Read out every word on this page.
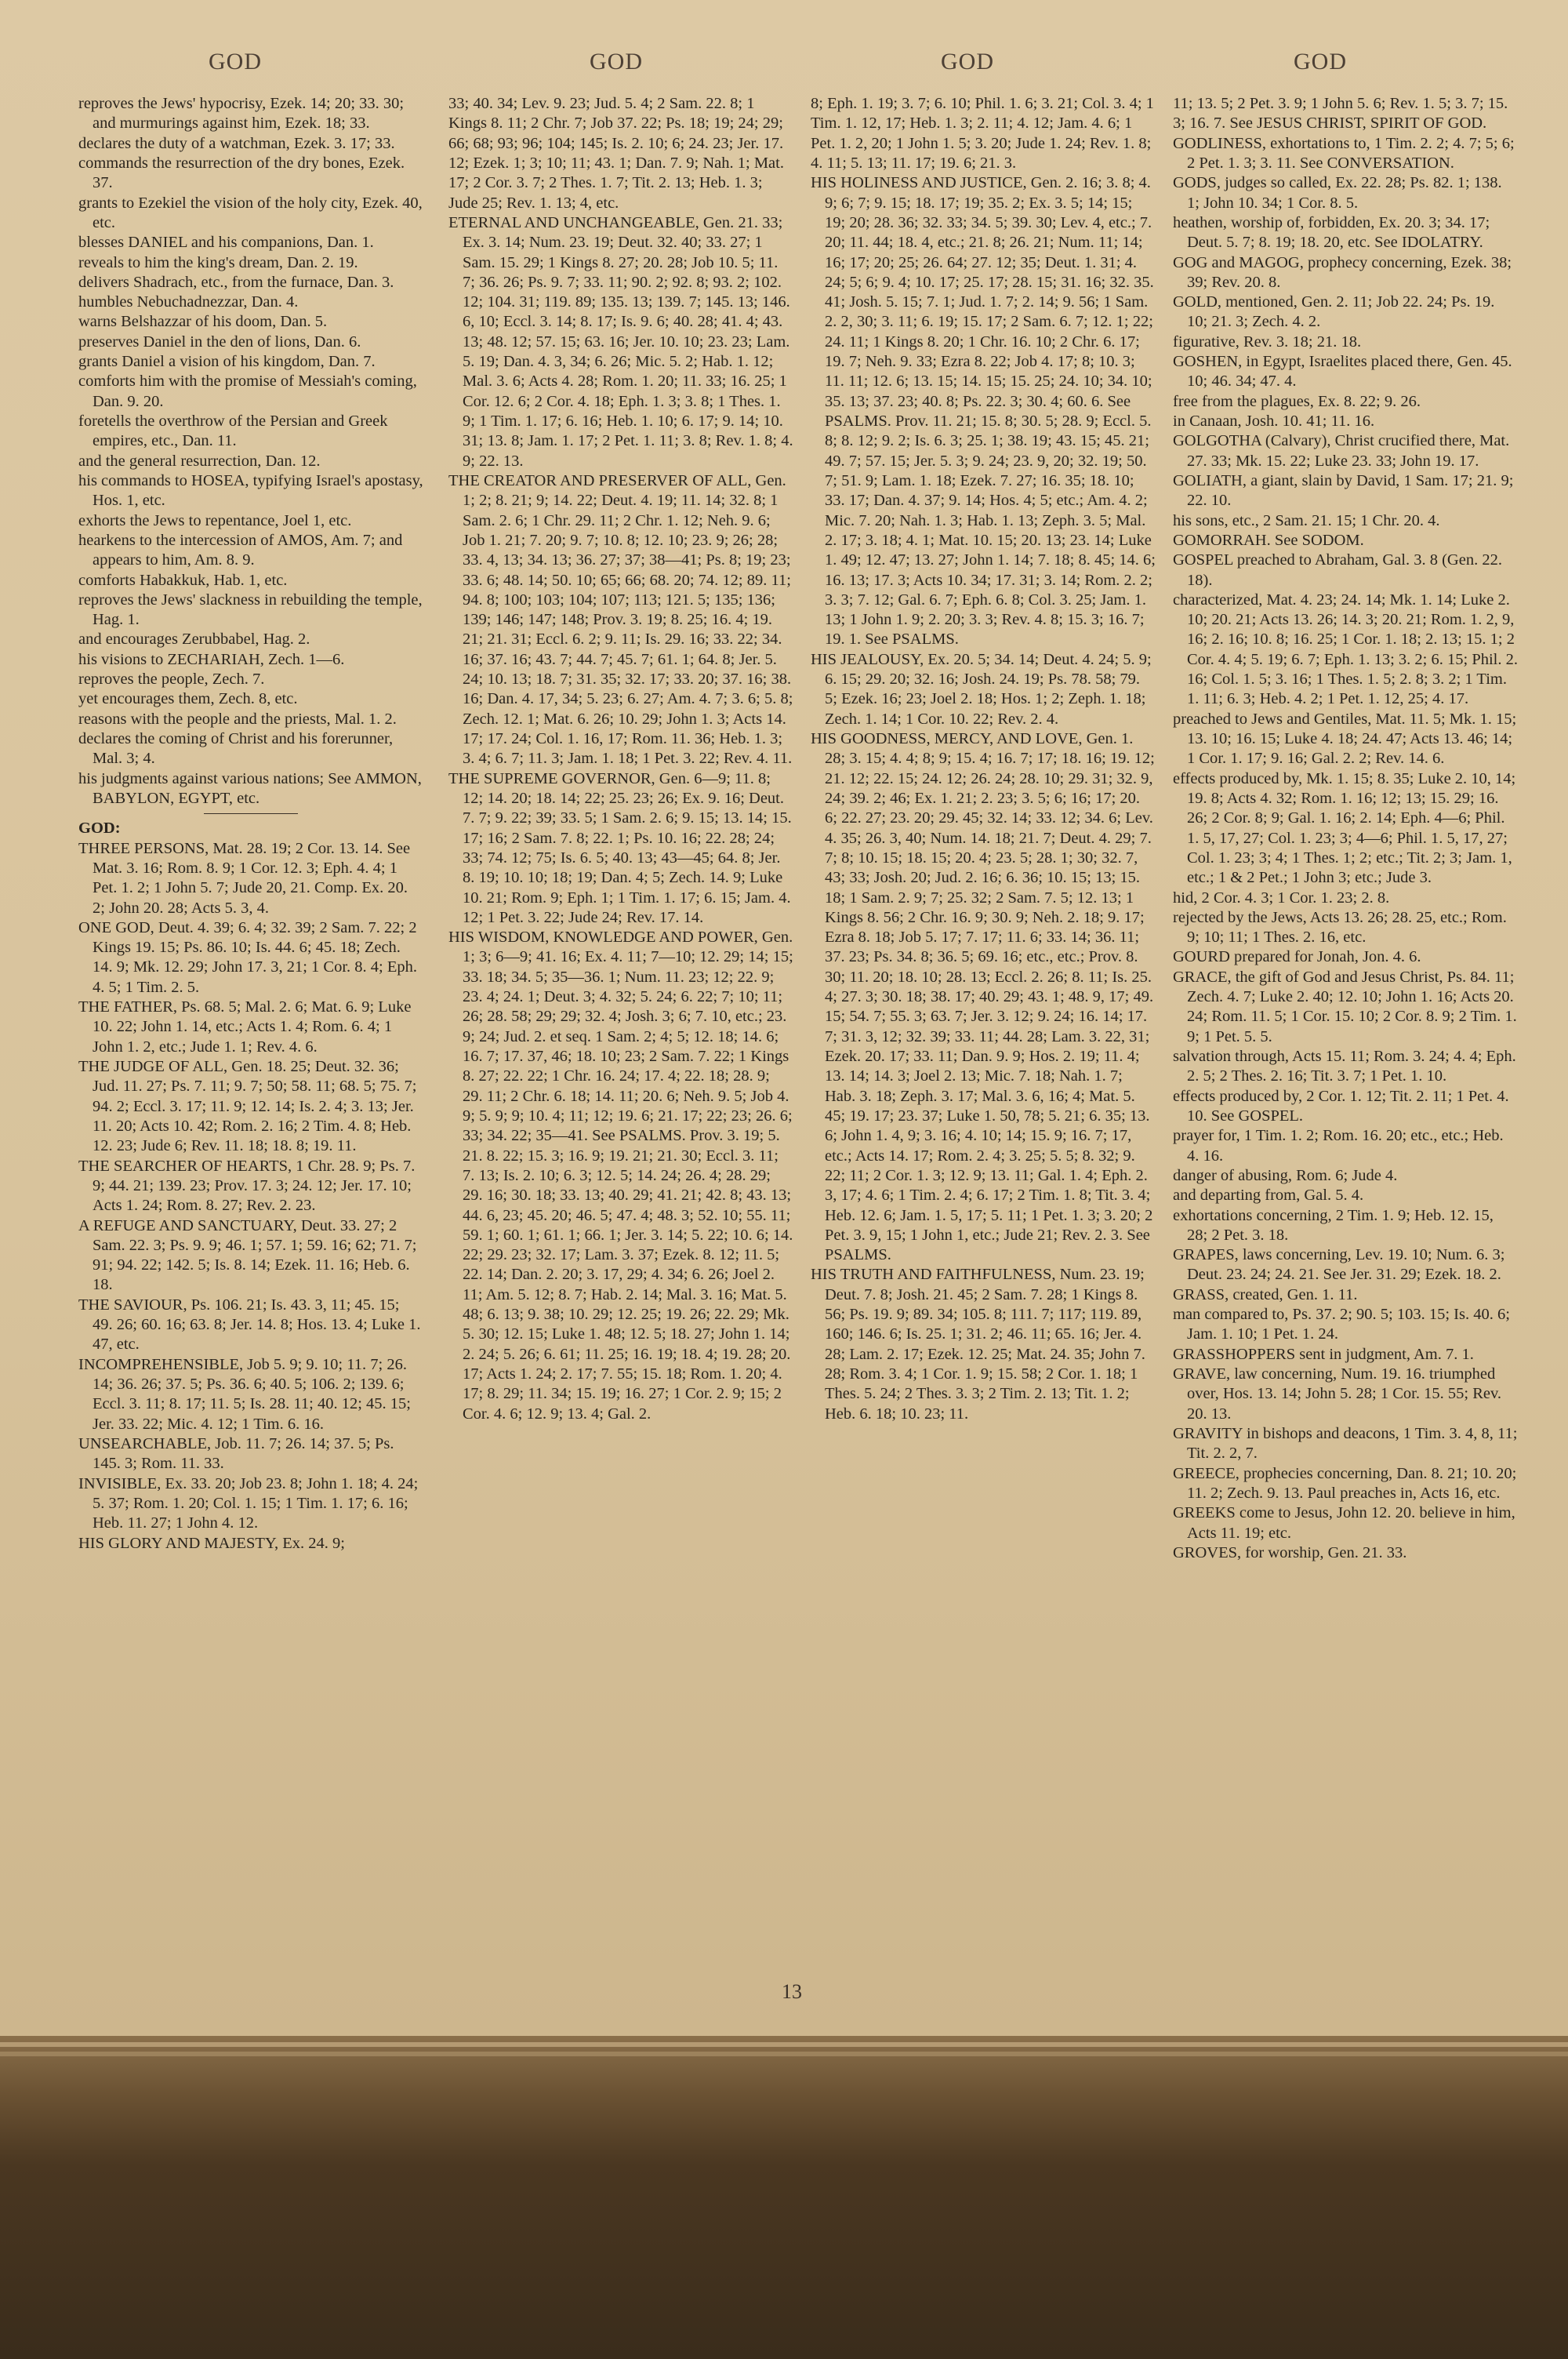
GOD	GOD	GOD	GOD

reproves the Jews' hypocrisy, Ezek. 14; 20; 33. 30; and murmurings against him, Ezek. 18; 33.

declares the duty of a watchman, Ezek. 3. 17; 33.

commands the resurrection of the dry bones, Ezek. 37.

grants to Ezekiel the vision of the holy city, Ezek. 40, etc.

blesses DANIEL and his companions, Dan. 1.

reveals to him the king's dream, Dan. 2. 19.

delivers Shadrach, etc., from the furnace, Dan. 3.

humbles Nebuchadnezzar, Dan. 4.

warns Belshazzar of his doom, Dan. 5.

preserves Daniel in the den of lions, Dan. 6.

grants Daniel a vision of his kingdom, Dan. 7.

comforts him with the promise of Messiah's coming, Dan. 9. 20.

foretells the overthrow of the Persian and Greek empires, etc., Dan. 11.

and the general resurrection, Dan. 12.

his commands to HOSEA, typifying Israel's apostasy, Hos. 1, etc.

exhorts the Jews to repentance, Joel 1, etc.

hearkens to the intercession of AMOS, Am. 7; and appears to him, Am. 8. 9.

comforts Habakkuk, Hab. 1, etc.

reproves the Jews' slackness in rebuilding the temple, Hag. 1.

and encourages Zerubbabel, Hag. 2.

his visions to ZECHARIAH, Zech. 1—6.

reproves the people, Zech. 7.

yet encourages them, Zech. 8, etc.

reasons with the people and the priests, Mal. 1. 2.

declares the coming of Christ and his forerunner, Mal. 3; 4.

his judgments against various nations; See AMMON, BABYLON, EGYPT, etc.

GOD:

THREE PERSONS, Mat. 28. 19; 2 Cor. 13. 14. See Mat. 3. 16; Rom. 8. 9; 1 Cor. 12. 3; Eph. 4. 4; 1 Pet. 1. 2; 1 John 5. 7; Jude 20, 21. Comp. Ex. 20. 2; John 20. 28; Acts 5. 3, 4.

ONE GOD, Deut. 4. 39; 6. 4; 32. 39; 2 Sam. 7. 22; 2 Kings 19. 15; Ps. 86. 10; Is. 44. 6; 45. 18; Zech. 14. 9; Mk. 12. 29; John 17. 3, 21; 1 Cor. 8. 4; Eph. 4. 5; 1 Tim. 2. 5.

THE FATHER, Ps. 68. 5; Mal. 2. 6; Mat. 6. 9; Luke 10. 22; John 1. 14, etc.; Acts 1. 4; Rom. 6. 4; 1 John 1. 2, etc.; Jude 1. 1; Rev. 4. 6.

THE JUDGE OF ALL, Gen. 18. 25; Deut. 32. 36; Jud. 11. 27; Ps. 7. 11; 9. 7; 50; 58. 11; 68. 5; 75. 7; 94. 2; Eccl. 3. 17; 11. 9; 12. 14; Is. 2. 4; 3. 13; Jer. 11. 20; Acts 10. 42; Rom. 2. 16; 2 Tim. 4. 8; Heb. 12. 23; Jude 6; Rev. 11. 18; 18. 8; 19. 11.

THE SEARCHER OF HEARTS, 1 Chr. 28. 9; Ps. 7. 9; 44. 21; 139. 23; Prov. 17. 3; 24. 12; Jer. 17. 10; Acts 1. 24; Rom. 8. 27; Rev. 2. 23.

A REFUGE AND SANCTUARY, Deut. 33. 27; 2 Sam. 22. 3; Ps. 9. 9; 46. 1; 57. 1; 59. 16; 62; 71. 7; 91; 94. 22; 142. 5; Is. 8. 14; Ezek. 11. 16; Heb. 6. 18.

THE SAVIOUR, Ps. 106. 21; Is. 43. 3, 11; 45. 15; 49. 26; 60. 16; 63. 8; Jer. 14. 8; Hos. 13. 4; Luke 1. 47, etc.

INCOMPREHENSIBLE, Job 5. 9; 9. 10; 11. 7; 26. 14; 36. 26; 37. 5; Ps. 36. 6; 40. 5; 106. 2; 139. 6; Eccl. 3. 11; 8. 17; 11. 5; Is. 28. 11; 40. 12; 45. 15; Jer. 33. 22; Mic. 4. 12; 1 Tim. 6. 16.

UNSEARCHABLE, Job. 11. 7; 26. 14; 37. 5; Ps. 145. 3; Rom. 11. 33.

INVISIBLE, Ex. 33. 20; Job 23. 8; John 1. 18; 4. 24; 5. 37; Rom. 1. 20; Col. 1. 15; 1 Tim. 1. 17; 6. 16; Heb. 11. 27; 1 John 4. 12.

HIS GLORY AND MAJESTY, Ex. 24. 9;

33; 40. 34; Lev. 9. 23; Jud. 5. 4; 2 Sam. 22. 8; 1 Kings 8. 11; 2 Chr. 7; Job 37. 22; Ps. 18; 19; 24; 29; 66; 68; 93; 96; 104; 145; Is. 2. 10; 6; 24. 23; Jer. 17. 12; Ezek. 1; 3; 10; 11; 43. 1; Dan. 7. 9; Nah. 1; Mat. 17; 2 Cor. 3. 7; 2 Thes. 1. 7; Tit. 2. 13; Heb. 1. 3; Jude 25; Rev. 1. 13; 4, etc.

ETERNAL AND UNCHANGEABLE, Gen. 21. 33; Ex. 3. 14; Num. 23. 19; Deut. 32. 40; 33. 27; 1 Sam. 15. 29; 1 Kings 8. 27; 20. 28; Job 10. 5; 11. 7; 36. 26; Ps. 9. 7; 33. 11; 90. 2; 92. 8; 93. 2; 102. 12; 104. 31; 119. 89; 135. 13; 139. 7; 145. 13; 146. 6, 10; Eccl. 3. 14; 8. 17; Is. 9. 6; 40. 28; 41. 4; 43. 13; 48. 12; 57. 15; 63. 16; Jer. 10. 10; 23. 23; Lam. 5. 19; Dan. 4. 3, 34; 6. 26; Mic. 5. 2; Hab. 1. 12; Mal. 3. 6; Acts 4. 28; Rom. 1. 20; 11. 33; 16. 25; 1 Cor. 12. 6; 2 Cor. 4. 18; Eph. 1. 3; 3. 8; 1 Thes. 1. 9; 1 Tim. 1. 17; 6. 16; Heb. 1. 10; 6. 17; 9. 14; 10. 31; 13. 8; Jam. 1. 17; 2 Pet. 1. 11; 3. 8; Rev. 1. 8; 4. 9; 22. 13.

THE CREATOR AND PRESERVER OF ALL, Gen. 1; 2; 8. 21; 9; 14. 22; Deut. 4. 19; 11. 14; 32. 8; 1 Sam. 2. 6; 1 Chr. 29. 11; 2 Chr. 1. 12; Neh. 9. 6; Job 1. 21; 7. 20; 9. 7; 10. 8; 12. 10; 23. 9; 26; 28; 33. 4, 13; 34. 13; 36. 27; 37; 38—41; Ps. 8; 19; 23; 33. 6; 48. 14; 50. 10; 65; 66; 68. 20; 74. 12; 89. 11; 94. 8; 100; 103; 104; 107; 113; 121. 5; 135; 136; 139; 146; 147; 148; Prov. 3. 19; 8. 25; 16. 4; 19. 21; 21. 31; Eccl. 6. 2; 9. 11; Is. 29. 16; 33. 22; 34. 16; 37. 16; 43. 7; 44. 7; 45. 7; 61. 1; 64. 8; Jer. 5. 24; 10. 13; 18. 7; 31. 35; 32. 17; 33. 20; 37. 16; 38. 16; Dan. 4. 17, 34; 5. 23; 6. 27; Am. 4. 7; 3. 6; 5. 8; Zech. 12. 1; Mat. 6. 26; 10. 29; John 1. 3; Acts 14. 17; 17. 24; Col. 1. 16, 17; Rom. 11. 36; Heb. 1. 3; 3. 4; 6. 7; 11. 3; Jam. 1. 18; 1 Pet. 3. 22; Rev. 4. 11.

THE SUPREME GOVERNOR, Gen. 6—9; 11. 8; 12; 14. 20; 18. 14; 22; 25. 23; 26; Ex. 9. 16; Deut. 7. 7; 9. 22; 39; 33. 5; 1 Sam. 2. 6; 9. 15; 13. 14; 15. 17; 16; 2 Sam. 7. 8; 22. 1; Ps. 10. 16; 22. 28; 24; 33; 74. 12; 75; Is. 6. 5; 40. 13; 43—45; 64. 8; Jer. 8. 19; 10. 10; 18; 19; Dan. 4; 5; Zech. 14. 9; Luke 10. 21; Rom. 9; Eph. 1; 1 Tim. 1. 17; 6. 15; Jam. 4. 12; 1 Pet. 3. 22; Jude 24; Rev. 17. 14.

HIS WISDOM, KNOWLEDGE AND POWER, Gen. 1; 3; 6—9; 41. 16; Ex. 4. 11; 7—10; 12. 29; 14; 15; 33. 18; 34. 5; 35—36. 1; Num. 11. 23; 12; 22. 9; 23. 4; 24. 1; Deut. 3; 4. 32; 5. 24; 6. 22; 7; 10; 11; 26; 28. 58; 29; 29; 32. 4; Josh. 3; 6; 7. 10, etc.; 23. 9; 24; Jud. 2. et seq. 1 Sam. 2; 4; 5; 12. 18; 14. 6; 16. 7; 17. 37, 46; 18. 10; 23; 2 Sam. 7. 22; 1 Kings 8. 27; 22. 22; 1 Chr. 16. 24; 17. 4; 22. 18; 28. 9; 29. 11; 2 Chr. 6. 18; 14. 11; 20. 6; Neh. 9. 5; Job 4. 9; 5. 9; 9; 10. 4; 11; 12; 19. 6; 21. 17; 22; 23; 26. 6; 33; 34. 22; 35—41. See PSALMS. Prov. 3. 19; 5. 21. 8. 22; 15. 3; 16. 9; 19. 21; 21. 30; Eccl. 3. 11; 7. 13; Is. 2. 10; 6. 3; 12. 5; 14. 24; 26. 4; 28. 29; 29. 16; 30. 18; 33. 13; 40. 29; 41. 21; 42. 8; 43. 13; 44. 6, 23; 45. 20; 46. 5; 47. 4; 48. 3; 52. 10; 55. 11; 59. 1; 60. 1; 61. 1; 66. 1; Jer. 3. 14; 5. 22; 10. 6; 14. 22; 29. 23; 32. 17; Lam. 3. 37; Ezek. 8. 12; 11. 5; 22. 14; Dan. 2. 20; 3. 17, 29; 4. 34; 6. 26; Joel 2. 11; Am. 5. 12; 8. 7; Hab. 2. 14; Mal. 3. 16; Mat. 5. 48; 6. 13; 9. 38; 10. 29; 12. 25; 19. 26; 22. 29; Mk. 5. 30; 12. 15; Luke 1. 48; 12. 5; 18. 27; John 1. 14; 2. 24; 5. 26; 6. 61; 11. 25; 16. 19; 18. 4; 19. 28; 20. 17; Acts 1. 24; 2. 17; 7. 55; 15. 18; Rom. 1. 20; 4. 17; 8. 29; 11. 34; 15. 19; 16. 27; 1 Cor. 2. 9; 15; 2 Cor. 4. 6; 12. 9; 13. 4; Gal. 2.

8; Eph. 1. 19; 3. 7; 6. 10; Phil. 1. 6; 3. 21; Col. 3. 4; 1 Tim. 1. 12, 17; Heb. 1. 3; 2. 11; 4. 12; Jam. 4. 6; 1 Pet. 1. 2, 20; 1 John 1. 5; 3. 20; Jude 1. 24; Rev. 1. 8; 4. 11; 5. 13; 11. 17; 19. 6; 21. 3.

HIS HOLINESS AND JUSTICE, Gen. 2. 16; 3. 8; 4. 9; 6; 7; 9. 15; 18. 17; 19; 35. 2; Ex. 3. 5; 14; 15; 19; 20; 28. 36; 32. 33; 34. 5; 39. 30; Lev. 4, etc.; 7. 20; 11. 44; 18. 4, etc.; 21. 8; 26. 21; Num. 11; 14; 16; 17; 20; 25; 26. 64; 27. 12; 35; Deut. 1. 31; 4. 24; 5; 6; 9. 4; 10. 17; 25. 17; 28. 15; 31. 16; 32. 35. 41; Josh. 5. 15; 7. 1; Jud. 1. 7; 2. 14; 9. 56; 1 Sam. 2. 2, 30; 3. 11; 6. 19; 15. 17; 2 Sam. 6. 7; 12. 1; 22; 24. 11; 1 Kings 8. 20; 1 Chr. 16. 10; 2 Chr. 6. 17; 19. 7; Neh. 9. 33; Ezra 8. 22; Job 4. 17; 8; 10. 3; 11. 11; 12. 6; 13. 15; 14. 15; 15. 25; 24. 10; 34. 10; 35. 13; 37. 23; 40. 8; Ps. 22. 3; 30. 4; 60. 6. See PSALMS. Prov. 11. 21; 15. 8; 30. 5; 28. 9; Eccl. 5. 8; 8. 12; 9. 2; Is. 6. 3; 25. 1; 38. 19; 43. 15; 45. 21; 49. 7; 57. 15; Jer. 5. 3; 9. 24; 23. 9, 20; 32. 19; 50. 7; 51. 9; Lam. 1. 18; Ezek. 7. 27; 16. 35; 18. 10; 33. 17; Dan. 4. 37; 9. 14; Hos. 4; 5; etc.; Am. 4. 2; Mic. 7. 20; Nah. 1. 3; Hab. 1. 13; Zeph. 3. 5; Mal. 2. 17; 3. 18; 4. 1; Mat. 10. 15; 20. 13; 23. 14; Luke 1. 49; 12. 47; 13. 27; John 1. 14; 7. 18; 8. 45; 14. 6; 16. 13; 17. 3; Acts 10. 34; 17. 31; 3. 14; Rom. 2. 2; 3. 3; 7. 12; Gal. 6. 7; Eph. 6. 8; Col. 3. 25; Jam. 1. 13; 1 John 1. 9; 2. 20; 3. 3; Rev. 4. 8; 15. 3; 16. 7; 19. 1. See PSALMS.

HIS JEALOUSY, Ex. 20. 5; 34. 14; Deut. 4. 24; 5. 9; 6. 15; 29. 20; 32. 16; Josh. 24. 19; Ps. 78. 58; 79. 5; Ezek. 16; 23; Joel 2. 18; Hos. 1; 2; Zeph. 1. 18; Zech. 1. 14; 1 Cor. 10. 22; Rev. 2. 4.

HIS GOODNESS, MERCY, AND LOVE, Gen. 1. 28; 3. 15; 4. 4; 8; 9; 15. 4; 16. 7; 17; 18. 16; 19. 12; 21. 12; 22. 15; 24. 12; 26. 24; 28. 10; 29. 31; 32. 9, 24; 39. 2; 46; Ex. 1. 21; 2. 23; 3. 5; 6; 16; 17; 20. 6; 22. 27; 23. 20; 29. 45; 32. 14; 33. 12; 34. 6; Lev. 4. 35; 26. 3, 40; Num. 14. 18; 21. 7; Deut. 4. 29; 7. 7; 8; 10. 15; 18. 15; 20. 4; 23. 5; 28. 1; 30; 32. 7, 43; 33; Josh. 20; Jud. 2. 16; 6. 36; 10. 15; 13; 15. 18; 1 Sam. 2. 9; 7; 25. 32; 2 Sam. 7. 5; 12. 13; 1 Kings 8. 56; 2 Chr. 16. 9; 30. 9; Neh. 2. 18; 9. 17; Ezra 8. 18; Job 5. 17; 7. 17; 11. 6; 33. 14; 36. 11; 37. 23; Ps. 34. 8; 36. 5; 69. 16; etc., etc.; Prov. 8. 30; 11. 20; 18. 10; 28. 13; Eccl. 2. 26; 8. 11; Is. 25. 4; 27. 3; 30. 18; 38. 17; 40. 29; 43. 1; 48. 9, 17; 49. 15; 54. 7; 55. 3; 63. 7; Jer. 3. 12; 9. 24; 16. 14; 17. 7; 31. 3, 12; 32. 39; 33. 11; 44. 28; Lam. 3. 22, 31; Ezek. 20. 17; 33. 11; Dan. 9. 9; Hos. 2. 19; 11. 4; 13. 14; 14. 3; Joel 2. 13; Mic. 7. 18; Nah. 1. 7; Hab. 3. 18; Zeph. 3. 17; Mal. 3. 6, 16; 4; Mat. 5. 45; 19. 17; 23. 37; Luke 1. 50, 78; 5. 21; 6. 35; 13. 6; John 1. 4, 9; 3. 16; 4. 10; 14; 15. 9; 16. 7; 17, etc.; Acts 14. 17; Rom. 2. 4; 3. 25; 5. 5; 8. 32; 9. 22; 11; 2 Cor. 1. 3; 12. 9; 13. 11; Gal. 1. 4; Eph. 2. 3, 17; 4. 6; 1 Tim. 2. 4; 6. 17; 2 Tim. 1. 8; Tit. 3. 4; Heb. 12. 6; Jam. 1. 5, 17; 5. 11; 1 Pet. 1. 3; 3. 20; 2 Pet. 3. 9, 15; 1 John 1, etc.; Jude 21; Rev. 2. 3. See PSALMS.

HIS TRUTH AND FAITHFULNESS, Num. 23. 19; Deut. 7. 8; Josh. 21. 45; 2 Sam. 7. 28; 1 Kings 8. 56; Ps. 19. 9; 89. 34; 105. 8; 111. 7; 117; 119. 89, 160; 146. 6; Is. 25. 1; 31. 2; 46. 11; 65. 16; Jer. 4. 28; Lam. 2. 17; Ezek. 12. 25; Mat. 24. 35; John 7. 28; Rom. 3. 4; 1 Cor. 1. 9; 15. 58; 2 Cor. 1. 18; 1 Thes. 5. 24; 2 Thes. 3. 3; 2 Tim. 2. 13; Tit. 1. 2; Heb. 6. 18; 10. 23; 11.

11; 13. 5; 2 Pet. 3. 9; 1 John 5. 6; Rev. 1. 5; 3. 7; 15. 3; 16. 7. See JESUS CHRIST, SPIRIT OF GOD.

GODLINESS, exhortations to, 1 Tim. 2. 2; 4. 7; 5; 6; 2 Pet. 1. 3; 3. 11. See CONVERSATION.

GODS, judges so called, Ex. 22. 28; Ps. 82. 1; 138. 1; John 10. 34; 1 Cor. 8. 5.

heathen, worship of, forbidden, Ex. 20. 3; 34. 17; Deut. 5. 7; 8. 19; 18. 20, etc. See IDOLATRY.

GOG and MAGOG, prophecy concerning, Ezek. 38; 39; Rev. 20. 8.

GOLD, mentioned, Gen. 2. 11; Job 22. 24; Ps. 19. 10; 21. 3; Zech. 4. 2.

figurative, Rev. 3. 18; 21. 18.

GOSHEN, in Egypt, Israelites placed there, Gen. 45. 10; 46. 34; 47. 4.

free from the plagues, Ex. 8. 22; 9. 26.

in Canaan, Josh. 10. 41; 11. 16.

GOLGOTHA (Calvary), Christ crucified there, Mat. 27. 33; Mk. 15. 22; Luke 23. 33; John 19. 17.

GOLIATH, a giant, slain by David, 1 Sam. 17; 21. 9; 22. 10.

his sons, etc., 2 Sam. 21. 15; 1 Chr. 20. 4.

GOMORRAH. See SODOM.

GOSPEL preached to Abraham, Gal. 3. 8 (Gen. 22. 18).

characterized, Mat. 4. 23; 24. 14; Mk. 1. 14; Luke 2. 10; 20. 21; Acts 13. 26; 14. 3; 20. 21; Rom. 1. 2, 9, 16; 2. 16; 10. 8; 16. 25; 1 Cor. 1. 18; 2. 13; 15. 1; 2 Cor. 4. 4; 5. 19; 6. 7; Eph. 1. 13; 3. 2; 6. 15; Phil. 2. 16; Col. 1. 5; 3. 16; 1 Thes. 1. 5; 2. 8; 3. 2; 1 Tim. 1. 11; 6. 3; Heb. 4. 2; 1 Pet. 1. 12, 25; 4. 17.

preached to Jews and Gentiles, Mat. 11. 5; Mk. 1. 15; 13. 10; 16. 15; Luke 4. 18; 24. 47; Acts 13. 46; 14; 1 Cor. 1. 17; 9. 16; Gal. 2. 2; Rev. 14. 6.

effects produced by, Mk. 1. 15; 8. 35; Luke 2. 10, 14; 19. 8; Acts 4. 32; Rom. 1. 16; 12; 13; 15. 29; 16. 26; 2 Cor. 8; 9; Gal. 1. 16; 2. 14; Eph. 4—6; Phil. 1. 5, 17, 27; Col. 1. 23; 3; 4—6; Phil. 1. 5, 17, 27; Col. 1. 23; 3; 4; 1 Thes. 1; 2; etc.; Tit. 2; 3; Jam. 1, etc.; 1 & 2 Pet.; 1 John 3; etc.; Jude 3.

hid, 2 Cor. 4. 3; 1 Cor. 1. 23; 2. 8.

rejected by the Jews, Acts 13. 26; 28. 25, etc.; Rom. 9; 10; 11; 1 Thes. 2. 16, etc.

GOURD prepared for Jonah, Jon. 4. 6.

GRACE, the gift of God and Jesus Christ, Ps. 84. 11; Zech. 4. 7; Luke 2. 40; 12. 10; John 1. 16; Acts 20. 24; Rom. 11. 5; 1 Cor. 15. 10; 2 Cor. 8. 9; 2 Tim. 1. 9; 1 Pet. 5. 5.

salvation through, Acts 15. 11; Rom. 3. 24; 4. 4; Eph. 2. 5; 2 Thes. 2. 16; Tit. 3. 7; 1 Pet. 1. 10.

effects produced by, 2 Cor. 1. 12; Tit. 2. 11; 1 Pet. 4. 10. See GOSPEL.

prayer for, 1 Tim. 1. 2; Rom. 16. 20; etc., etc.; Heb. 4. 16.

danger of abusing, Rom. 6; Jude 4.

and departing from, Gal. 5. 4.

exhortations concerning, 2 Tim. 1. 9; Heb. 12. 15, 28; 2 Pet. 3. 18.

GRAPES, laws concerning, Lev. 19. 10; Num. 6. 3; Deut. 23. 24; 24. 21. See Jer. 31. 29; Ezek. 18. 2.

GRASS, created, Gen. 1. 11.

man compared to, Ps. 37. 2; 90. 5; 103. 15; Is. 40. 6; Jam. 1. 10; 1 Pet. 1. 24.

GRASSHOPPERS sent in judgment, Am. 7. 1.

GRAVE, law concerning, Num. 19. 16. triumphed over, Hos. 13. 14; John 5. 28; 1 Cor. 15. 55; Rev. 20. 13.

GRAVITY in bishops and deacons, 1 Tim. 3. 4, 8, 11; Tit. 2. 2, 7.

GREECE, prophecies concerning, Dan. 8. 21; 10. 20; 11. 2; Zech. 9. 13. Paul preaches in, Acts 16, etc.

GREEKS come to Jesus, John 12. 20. believe in him, Acts 11. 19; etc.

GROVES, for worship, Gen. 21. 33.

13
